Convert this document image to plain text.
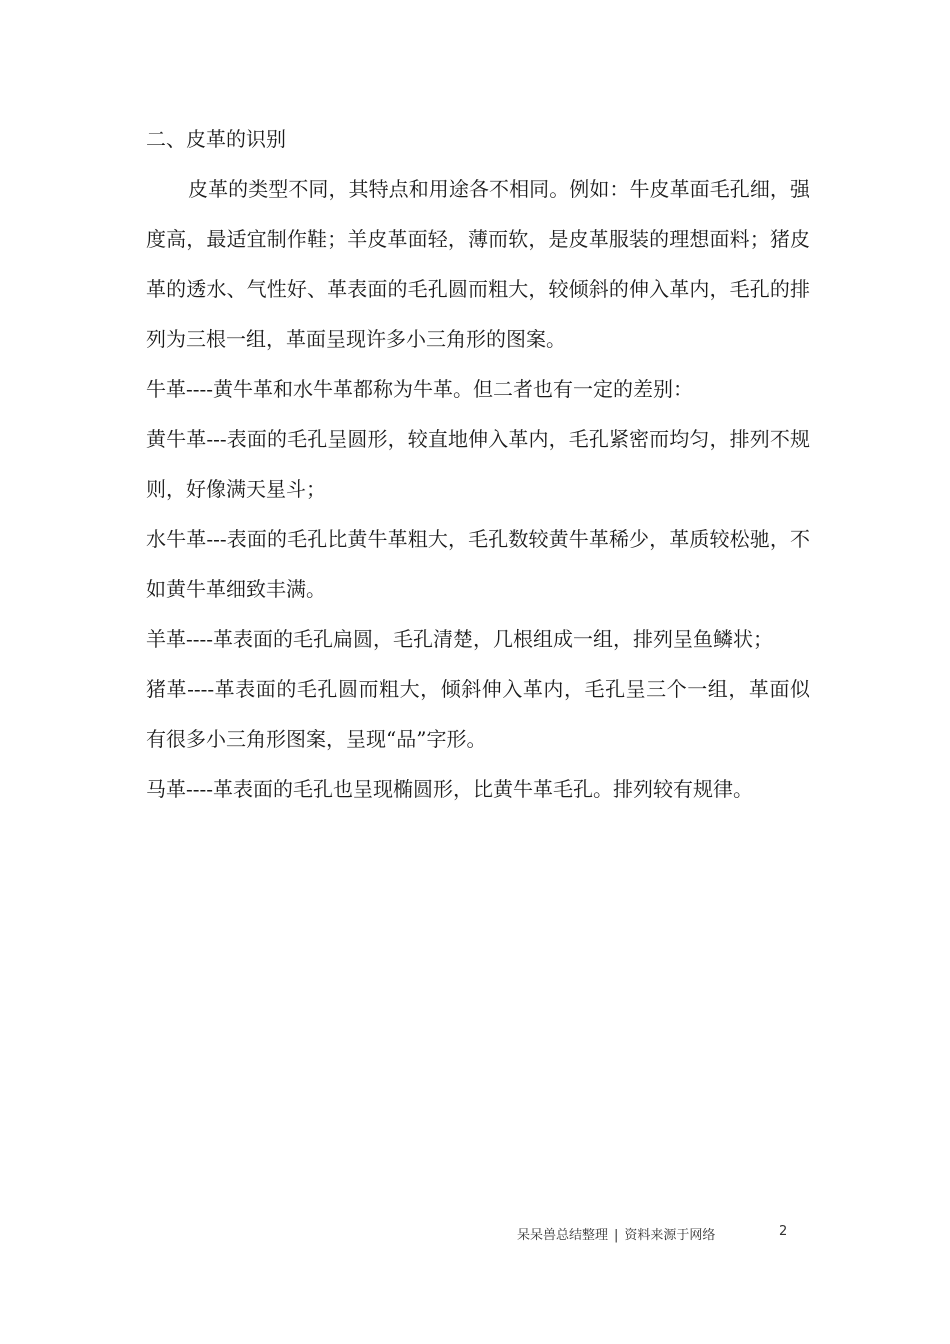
二、皮革的识别

皮革的类型不同，其特点和用途各不相同。例如：牛皮革面毛孔细，强度高，最适宜制作鞋；羊皮革面轻，薄而软，是皮革服装的理想面料；猪皮革的透水、气性好、革表面的毛孔圆而粗大，较倾斜的伸入革内，毛孔的排列为三根一组，革面呈现许多小三角形的图案。

牛革----黄牛革和水牛革都称为牛革。但二者也有一定的差别：

黄牛革---表面的毛孔呈圆形，较直地伸入革内，毛孔紧密而均匀，排列不规则，好像满天星斗；

水牛革---表面的毛孔比黄牛革粗大，毛孔数较黄牛革稀少，革质较松驰，不如黄牛革细致丰满。

羊革----革表面的毛孔扁圆，毛孔清楚，几根组成一组，排列呈鱼鳞状；

猪革----革表面的毛孔圆而粗大，倾斜伸入革内，毛孔呈三个一组，革面似有很多小三角形图案，呈现“品”字形。

马革----革表面的毛孔也呈现椭圆形，比黄牛革毛孔。排列较有规律。

呆呆兽总结整理 | 资料来源于网络	2
